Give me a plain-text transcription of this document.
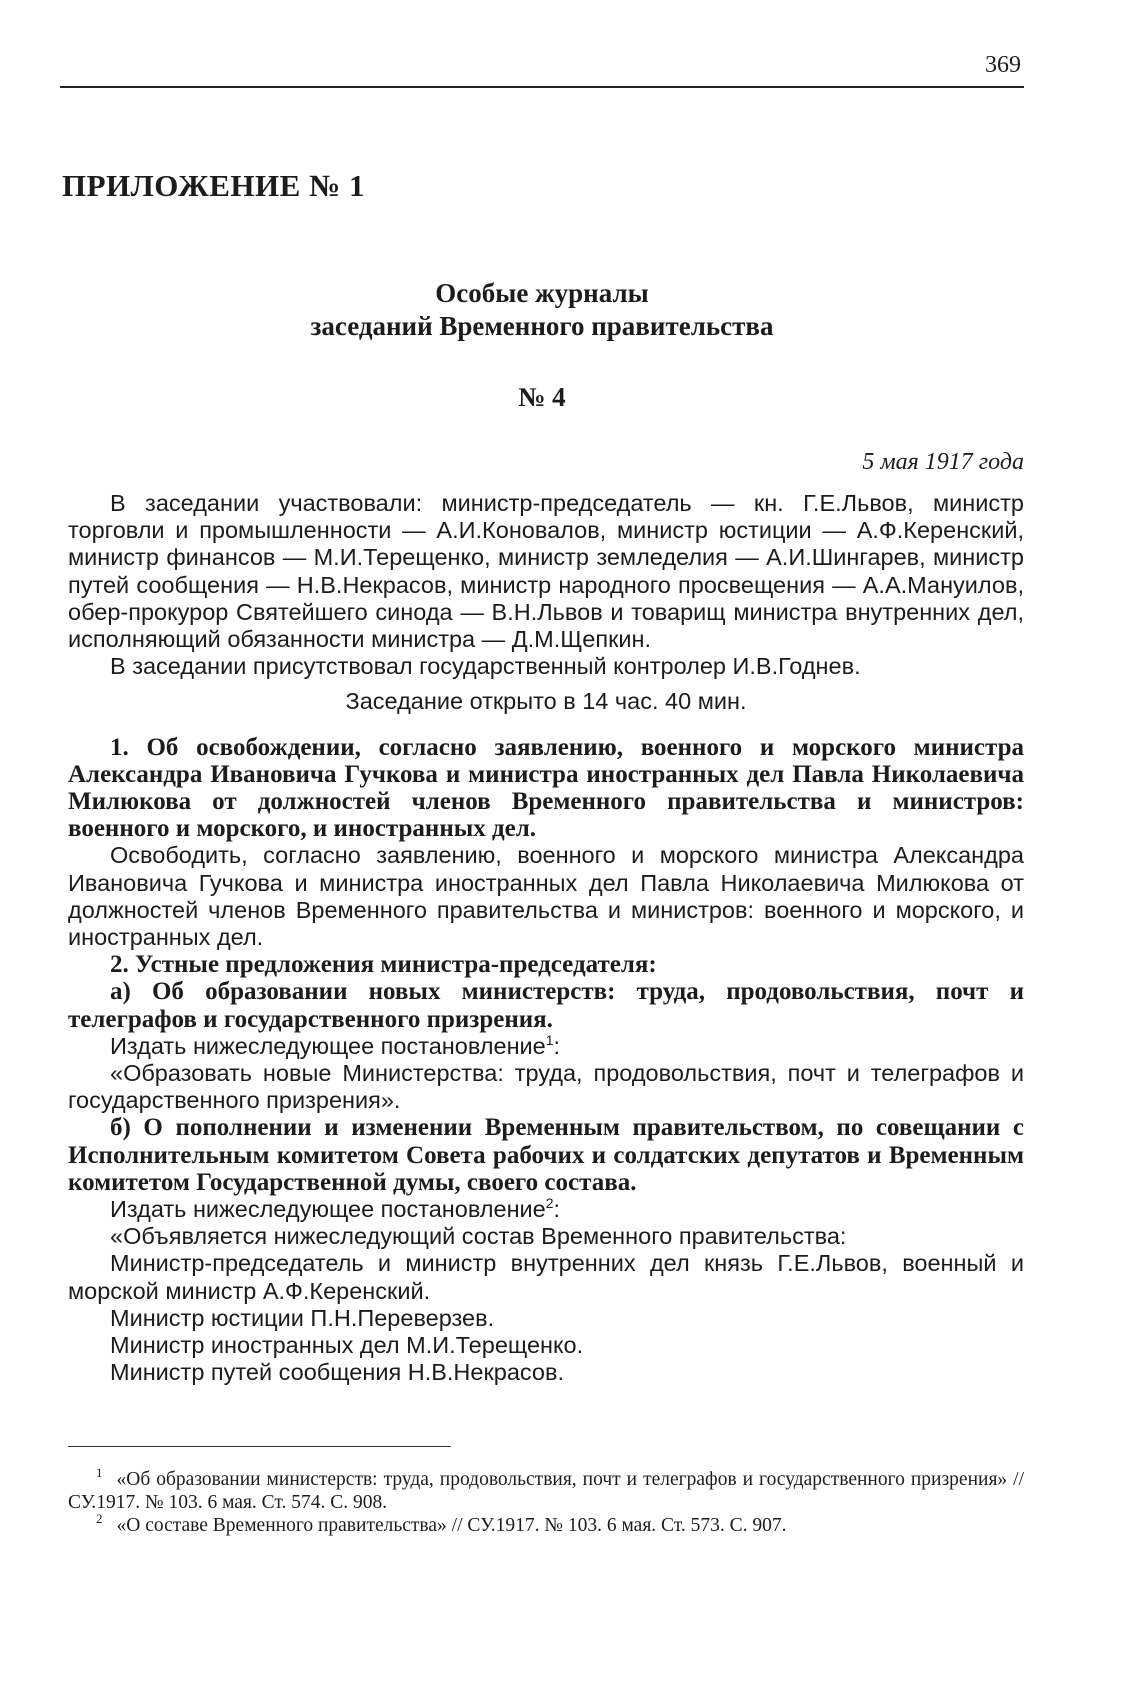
369
ПРИЛОЖЕНИЕ № 1
Особые журналы
заседаний Временного правительства
№ 4
5 мая 1917 года

В заседании участвовали: министр-председатель — кн. Г.Е.Львов, министр торговли и промышленности — А.И.Коновалов, министр юстиции — А.Ф.Керенский, министр финансов — М.И.Терещенко, министр земледелия — А.И.Шингарев, министр путей сообщения — Н.В.Некрасов, министр народного просвещения — А.А.Мануилов, обер-прокурор Святейшего синода — В.Н.Львов и товарищ министра внутренних дел, исполняющий обязанности министра — Д.М.Щепкин.

В заседании присутствовал государственный контролер И.В.Годнев.

Заседание открыто в 14 час. 40 мин.

1. Об освобождении, согласно заявлению, военного и морского министра Александра Ивановича Гучкова и министра иностранных дел Павла Николаевича Милюкова от должностей членов Временного правительства и министров: военного и морского, и иностранных дел.

Освободить, согласно заявлению, военного и морского министра Александра Ивановича Гучкова и министра иностранных дел Павла Николаевича Милюкова от должностей членов Временного правительства и министров: военного и морского, и иностранных дел.

2. Устные предложения министра-председателя:

а) Об образовании новых министерств: труда, продовольствия, почт и телеграфов и государственного призрения.

Издать нижеследующее постановление$^1$:

«Образовать новые Министерства: труда, продовольствия, почт и телеграфов и государственного призрения».

б) О пополнении и изменении Временным правительством, по совещании с Исполнительным комитетом Совета рабочих и солдатских депутатов и Временным комитетом Государственной думы, своего состава.

Издать нижеследующее постановление$^2$:

«Объявляется нижеследующий состав Временного правительства:

Министр-председатель и министр внутренних дел князь Г.Е.Львов, военный и морской министр А.Ф.Керенский.

Министр юстиции П.Н.Переверзев.

Министр иностранных дел М.И.Терещенко.

Министр путей сообщения Н.В.Некрасов.

$^1$ «Об образовании министерств: труда, продовольствия, почт и телеграфов и государственного призрения» // СУ.1917. № 103. 6 мая. Ст. 574. С. 908.

$^2$ «О составе Временного правительства» // СУ.1917. № 103. 6 мая. Ст. 573. С. 907.
